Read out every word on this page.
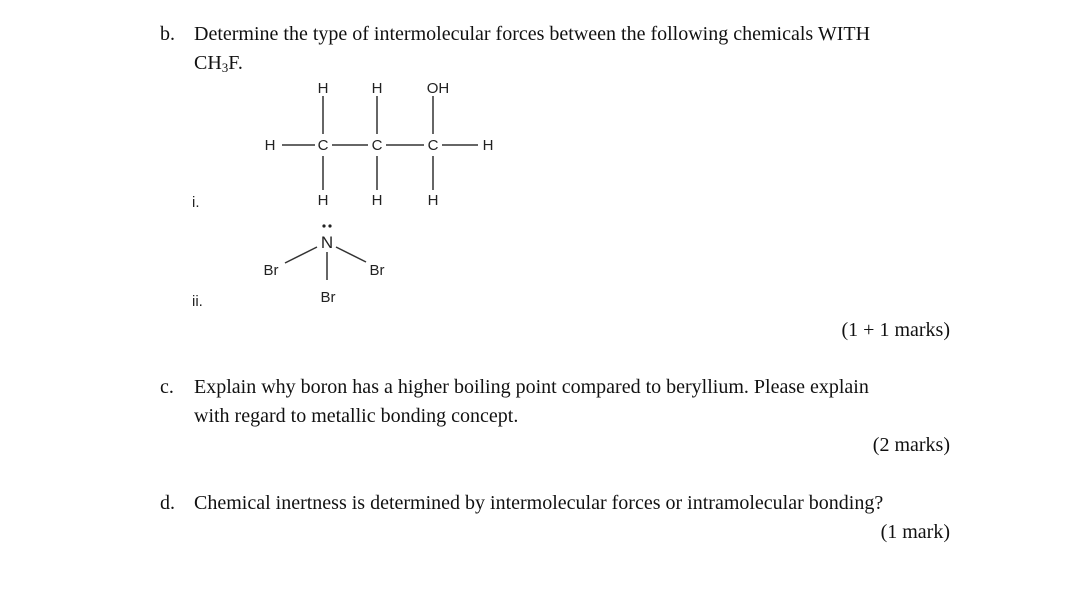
b. Determine the type of intermolecular forces between the following chemicals WITH
$CH_3F$.
H	H	OH
H	C	C	C	H
H	H	H
i.
N
Br	Br
Br
ii.
(1 + 1 marks)
c. Explain why boron has a higher boiling point compared to beryllium. Please explain
with regard to metallic bonding concept.
(2 marks)
d. Chemical inertness is determined by intermolecular forces or intramolecular bonding?
(1 mark)
